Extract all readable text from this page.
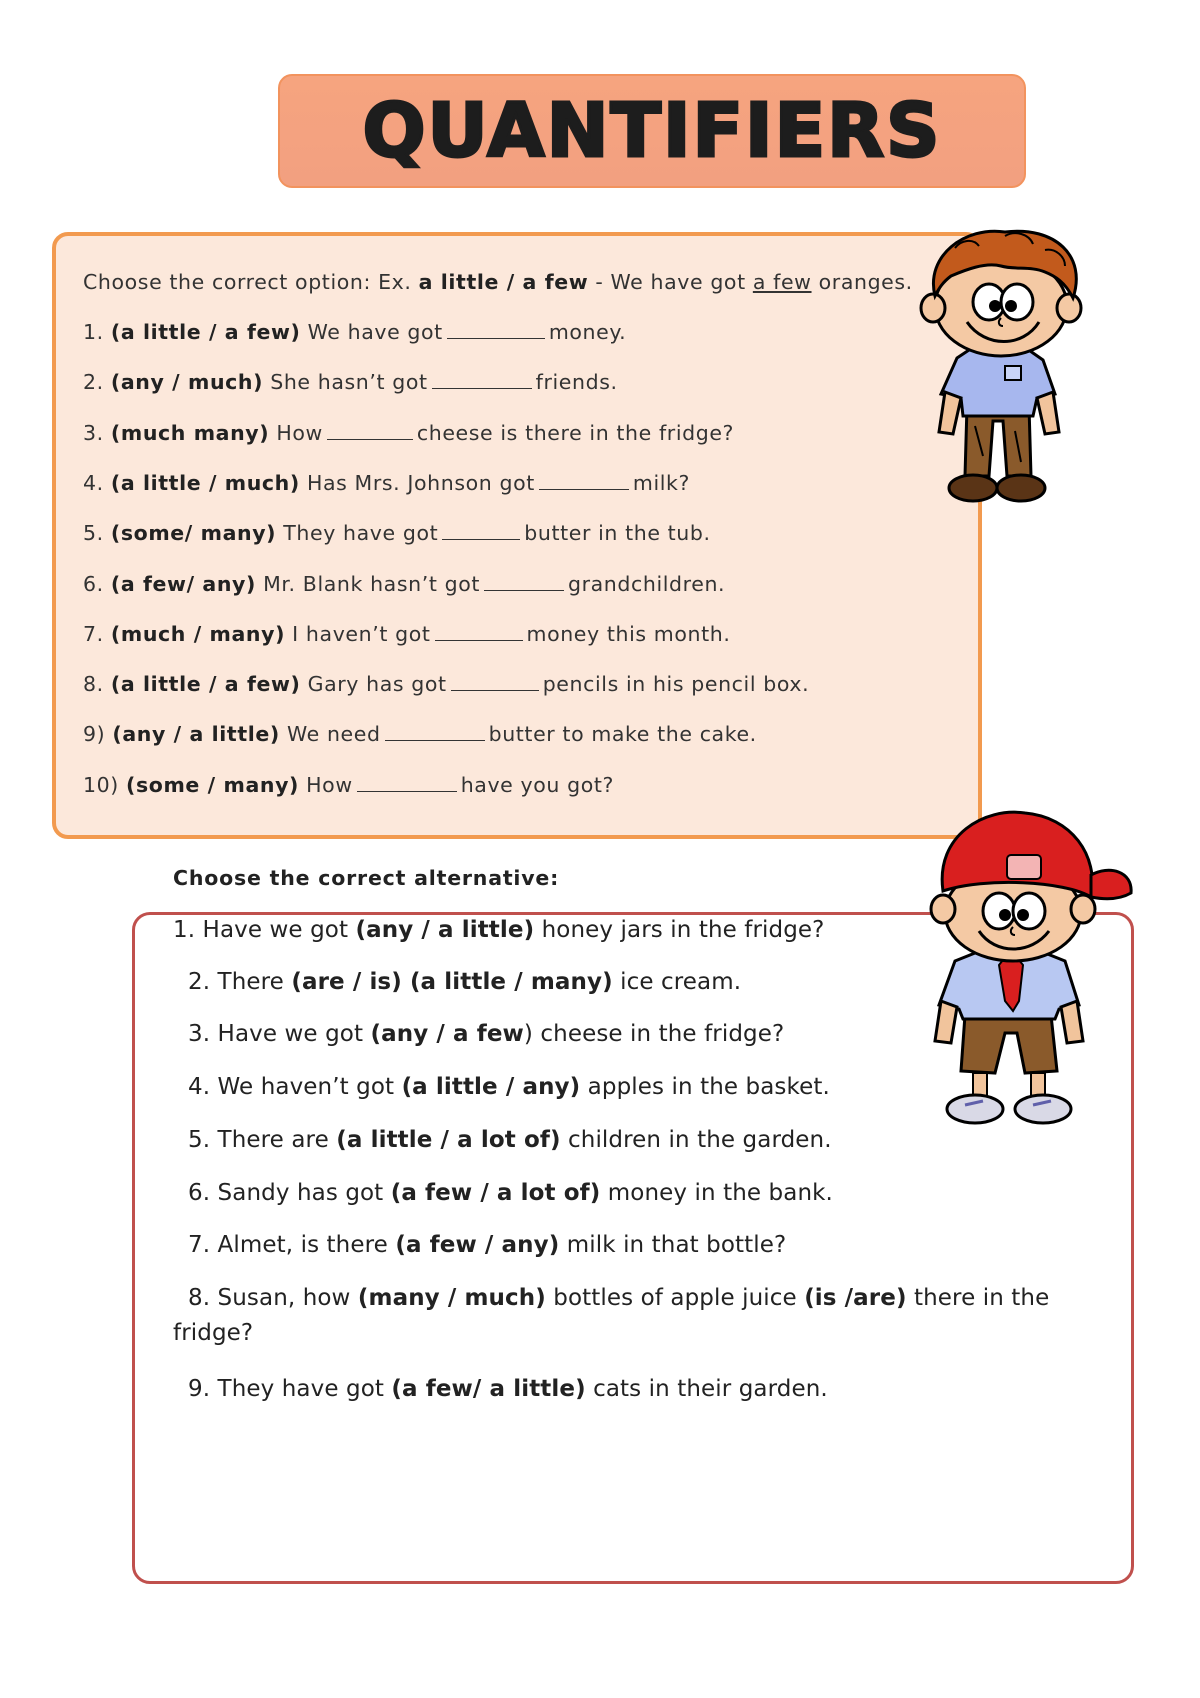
QUANTIFIERS
Choose the correct option: Ex. a little / a few - We have got a few oranges.
1. (a little / a few) We have got	money.
2. (any / much) She hasn’t got	friends.
3. (much many) How	cheese is there in the fridge?
4. (a little / much) Has Mrs. Johnson got	milk?
5. (some/ many) They have got	butter in the tub.
6. (a few/ any) Mr. Blank hasn’t got	grandchildren.
7. (much / many) I haven’t got	money this month.
8. (a little / a few) Gary has got	pencils in his pencil box.
9) (any / a little) We need	butter to make the cake.
10) (some / many) How	have you got?
Choose the correct alternative:
1. Have we got (any / a little) honey jars in the fridge?
2. There (are / is) (a little / many) ice cream.
3. Have we got (any / a few) cheese in the fridge?
4. We haven’t got (a little / any) apples in the basket.
5. There are (a little / a lot of) children in the garden.
6. Sandy has got (a few / a lot of) money in the bank.
7. Almet, is there (a few / any) milk in that bottle?
8. Susan, how (many / much) bottles of apple juice (is /are) there in the
fridge?
9. They have got (a few/ a little) cats in their garden.
